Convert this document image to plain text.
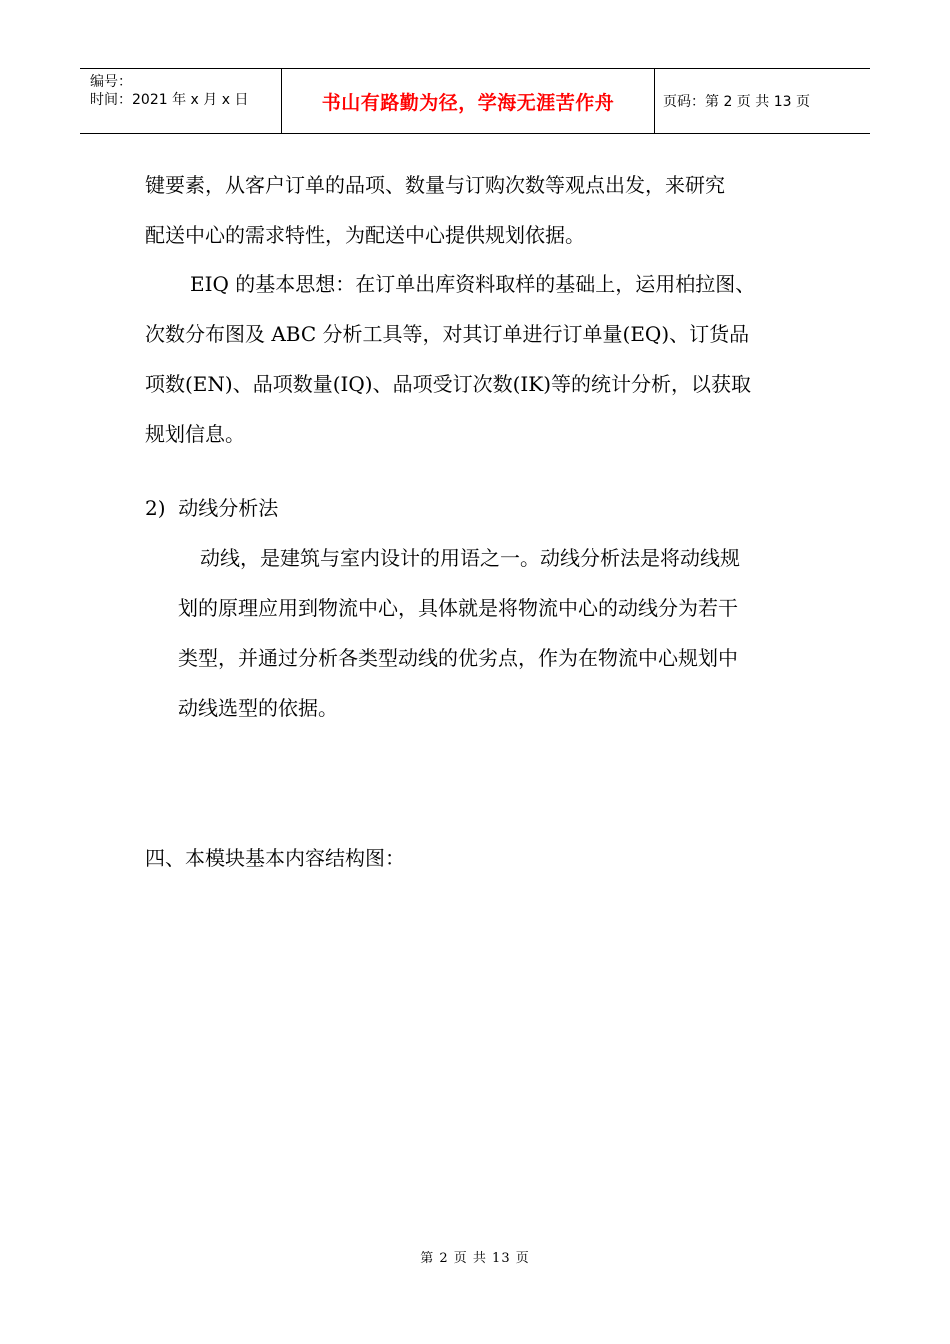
编号：
时间：2021 年 x 月 x 日	书山有路勤为径，学海无涯苦作舟	页码：第 2 页 共 13 页

键要素，从客户订单的品项、数量与订购次数等观点出发，来研究

配送中心的需求特性，为配送中心提供规划依据。

EIQ 的基本思想：在订单出库资料取样的基础上，运用柏拉图、

次数分布图及 ABC 分析工具等，对其订单进行订单量(EQ)、订货品

项数(EN)、品项数量(IQ)、品项受订次数(IK)等的统计分析，以获取

规划信息。

2)  动线分析法

动线，是建筑与室内设计的用语之一。动线分析法是将动线规

划的原理应用到物流中心，具体就是将物流中心的动线分为若干

类型，并通过分析各类型动线的优劣点，作为在物流中心规划中

动线选型的依据。

四、本模块基本内容结构图：

第 2 页 共 13 页
